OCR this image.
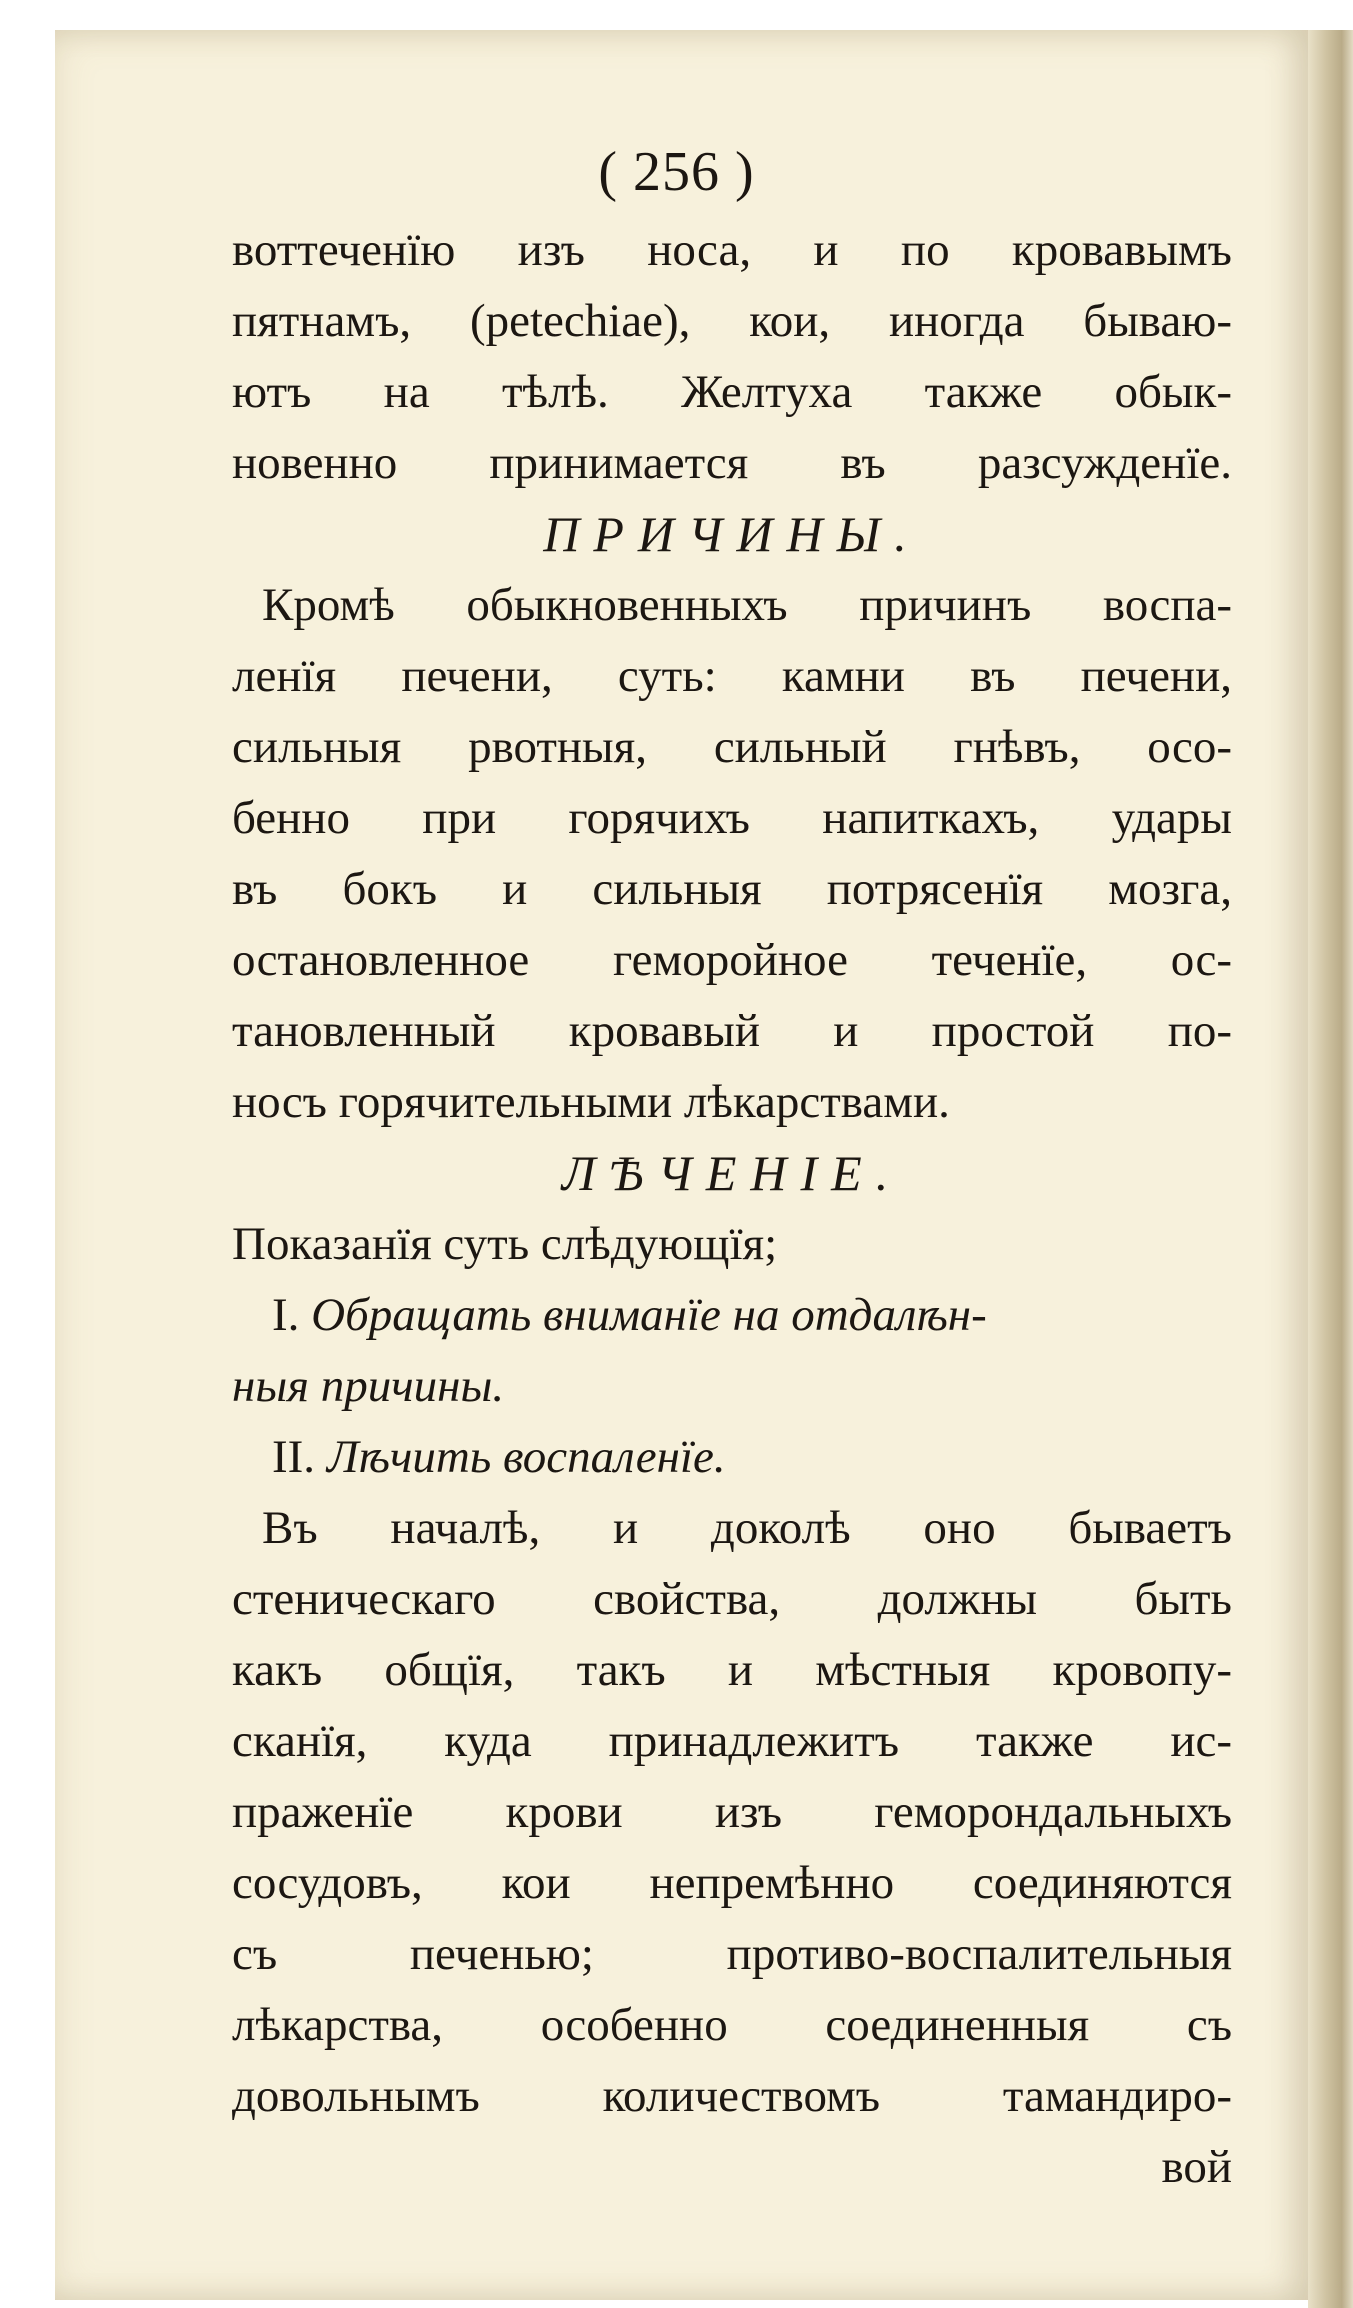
( 256 )
воттеченїю изъ носа, и по кровавымъ
пятнамъ, (petechiae), кои, иногда бываю-
ютъ на тѣлѣ. Желтуха также обык-
новенно принимается въ разсужденїе.
ПРИЧИНЫ.
Кромѣ обыкновенныхъ причинъ воспа-
ленїя печени, суть: камни въ печени,
сильныя рвотныя, сильный гнѣвъ, осо-
бенно при горячихъ напиткахъ, удары
въ бокъ и сильныя потрясенїя мозга,
остановленное геморойное теченїе, ос-
тановленный кровавый и простой по-
носъ горячительными лѣкарствами.
ЛѢЧЕНIЕ.
Показанїя суть слѣдующїя;
I. Обращать вниманїе на отдалѣн-
ныя причины.
II. Лѣчить воспаленїе.
Въ началѣ, и доколѣ оно бываетъ
стеническаго свойства, должны быть
какъ общїя, такъ и мѣстныя кровопу-
сканїя, куда принадлежитъ также ис-
праженїе крови изъ геморондальныхъ
сосудовъ, кои непремѣнно соединяются
съ печенью; противо-воспалительныя
лѣкарства, особенно соединенныя съ
довольнымъ количествомъ тамандиро-
вой
